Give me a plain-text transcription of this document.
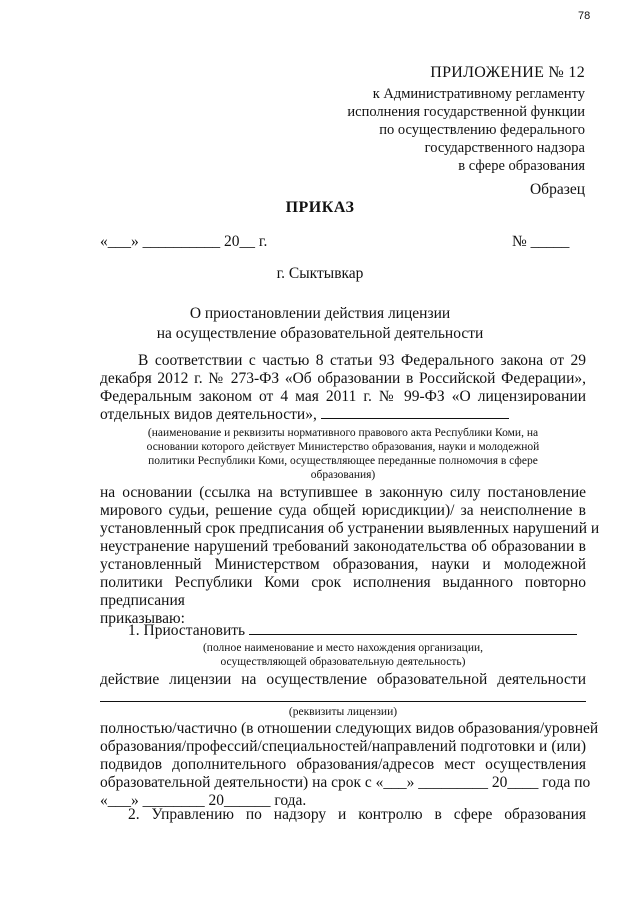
78
ПРИЛОЖЕНИЕ № 12
к Административному регламенту
исполнения государственной функции
по осуществлению федерального
государственного надзора
в сфере образования
Образец
ПРИКАЗ
«___» __________ 20__ г.	№ _____
г. Сыктывкар
О приостановлении действия лицензии
на осуществление образовательной деятельности
В соответствии с частью 8 статьи 93 Федерального закона от 29
декабря 2012 г. № 273-ФЗ «Об образовании в Российской Федерации»,
Федеральным законом от 4 мая 2011 г. № 99-ФЗ «О лицензировании
отдельных видов деятельности»,
(наименование и реквизиты нормативного правового акта Республики Коми, на
основании которого действует Министерство образования, науки и молодежной
политики Республики Коми, осуществляющее переданные полномочия в сфере
образования)
на основании (ссылка на вступившее в законную силу постановление
мирового судьи, решение суда общей юрисдикции)/ за неисполнение в
установленный срок предписания об устранении выявленных нарушений и
неустранение нарушений требований законодательства об образовании в
установленный Министерством образования, науки и молодежной
политики Республики Коми срок исполнения выданного повторно
предписания
приказываю:
1. Приостановить
(полное наименование и место нахождения организации,
осуществляющей образовательную деятельность)
действие лицензии на осуществление образовательной деятельности
(реквизиты лицензии)
полностью/частично (в отношении следующих видов образования/уровней
образования/профессий/специальностей/направлений подготовки и (или)
подвидов дополнительного образования/адресов мест осуществления
образовательной деятельности) на срок с «___» _________ 20____ года по
«___» ________ 20______ года.
2. Управлению по надзору и контролю в сфере образования
